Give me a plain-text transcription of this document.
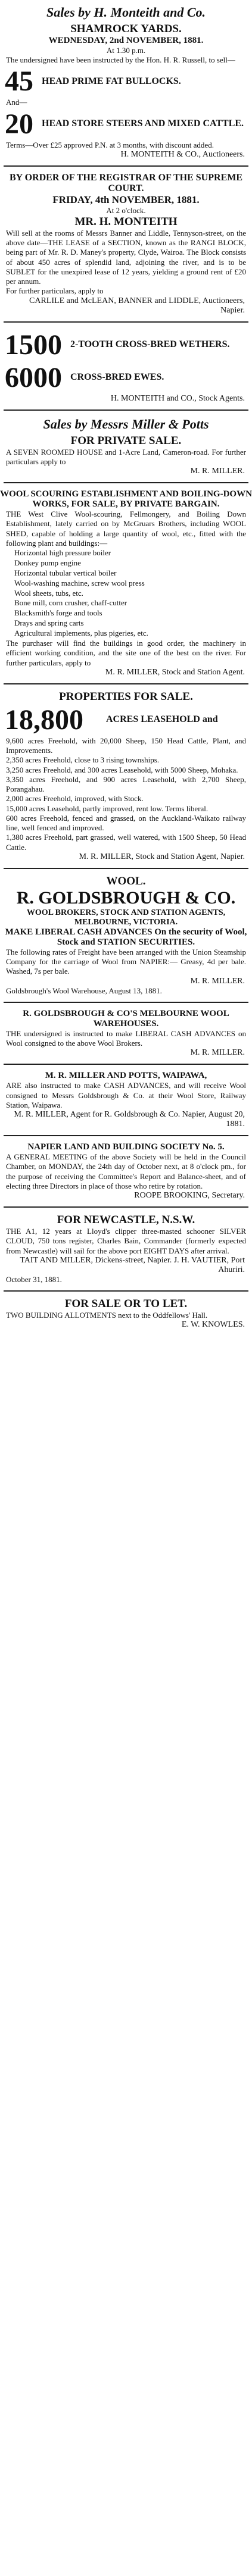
Sales by H. Monteith and Co.
SHAMROCK YARDS.
WEDNESDAY, 2nd NOVEMBER, 1881.
At 1.30 p.m.
The undersigned have been instructed by the Hon. H. R. Russell, to sell—
45 HEAD PRIME FAT BULLOCKS.
And—
20 HEAD STORE STEERS AND MIXED CATTLE.
Terms—Over £25 approved P.N. at 3 months, with discount added.
H. MONTEITH & CO., Auctioneers.
BY ORDER OF THE REGISTRAR OF THE SUPREME COURT.
FRIDAY, 4th NOVEMBER, 1881.
At 2 o'clock.
MR. H. MONTEITH
Will sell at the rooms of Messrs Banner and Liddle, Tennyson-street, on the above date—THE LEASE of a SECTION, known as the RANGI BLOCK, being part of Mr. R. D. Maney's property, Clyde, Wairoa. The Block consists of about 450 acres of splendid land, adjoining the river, and is to be SUBLET for the unexpired lease of 12 years, yielding a ground rent of £20 per annum.
For further particulars, apply to
CARLILE and McLEAN, BANNER and LIDDLE, Auctioneers, Napier.
1500 2-TOOTH CROSS-BRED WETHERS.
6000 CROSS-BRED EWES.
H. MONTEITH and CO., Stock Agents.
Sales by Messrs Miller & Potts
FOR PRIVATE SALE.
A SEVEN ROOMED HOUSE and 1-Acre Land, Cameron-road. For further particulars apply to
M. R. MILLER.
WOOL SCOURING ESTABLISHMENT AND BOILING-DOWN WORKS, FOR SALE, BY PRIVATE BARGAIN.
THE West Clive Wool-scouring, Fellmongery, and Boiling Down Establishment, lately carried on by McGruars Brothers, including WOOL SHED, capable of holding a large quantity of wool, etc., fitted with the following plant and buildings:—
Horizontal high pressure boiler
Donkey pump engine
Horizontal tubular vertical boiler
Wool-washing machine, screw wool press
Wool sheets, tubs, etc.
Bone mill, corn crusher, chaff-cutter
Blacksmith's forge and tools
Drays and spring carts
Agricultural implements, plus pigeries, etc.
The purchaser will find the buildings in good order, the machinery in efficient working condition, and the site one of the best on the river. For further particulars, apply to
M. R. MILLER, Stock and Station Agent.
PROPERTIES FOR SALE.
18,800	ACRES LEASEHOLD and
9,600 acres Freehold, with 20,000 Sheep, 150 Head Cattle, Plant, and Improvements.
2,350 acres Freehold, close to 3 rising townships.
3,250 acres Freehold, and 300 acres Leasehold, with 5000 Sheep, Mohaka.
3,350 acres Freehold, and 900 acres Leasehold, with 2,700 Sheep, Porangahau.
2,000 acres Freehold, improved, with Stock.
15,000 acres Leasehold, partly improved, rent low. Terms liberal.
600 acres Freehold, fenced and grassed, on the Auckland-Waikato railway line, well fenced and improved.
1,380 acres Freehold, part grassed, well watered, with 1500 Sheep, 50 Head Cattle.
M. R. MILLER, Stock and Station Agent, Napier.
WOOL.
R. GOLDSBROUGH & CO.
WOOL BROKERS, STOCK AND STATION AGENTS, MELBOURNE, VICTORIA.
MAKE LIBERAL CASH ADVANCES On the security of Wool, Stock and STATION SECURITIES.
The following rates of Freight have been arranged with the Union Steamship Company for the carriage of Wool from NAPIER:— Greasy, 4d per bale. Washed, 7s per bale.
M. R. MILLER.
Goldsbrough's Wool Warehouse, August 13, 1881.
R. GOLDSBROUGH & CO'S MELBOURNE WOOL WAREHOUSES.
THE undersigned is instructed to make LIBERAL CASH ADVANCES on Wool consigned to the above Wool Brokers.
M. R. MILLER.
M. R. MILLER AND POTTS, WAIPAWA,
ARE also instructed to make CASH ADVANCES, and will receive Wool consigned to Messrs Goldsbrough & Co. at their Wool Store, Railway Station, Waipawa.
M. R. MILLER, Agent for R. Goldsbrough & Co. Napier, August 20, 1881.
NAPIER LAND AND BUILDING SOCIETY No. 5.
A GENERAL MEETING of the above Society will be held in the Council Chamber, on MONDAY, the 24th day of October next, at 8 o'clock pm., for the purpose of receiving the Committee's Report and Balance-sheet, and of electing three Directors in place of those who retire by rotation.
ROOPE BROOKING, Secretary.
FOR NEWCASTLE, N.S.W.
THE A1, 12 years at Lloyd's clipper three-masted schooner SILVER CLOUD, 750 tons register, Charles Bain, Commander (formerly expected from Newcastle) will sail for the above port EIGHT DAYS after arrival.
TAIT AND MILLER, Dickens-street, Napier. J. H. VAUTIER, Port Ahuriri.
October 31, 1881.
FOR SALE OR TO LET.
TWO BUILDING ALLOTMENTS next to the Oddfellows' Hall.
E. W. KNOWLES.
